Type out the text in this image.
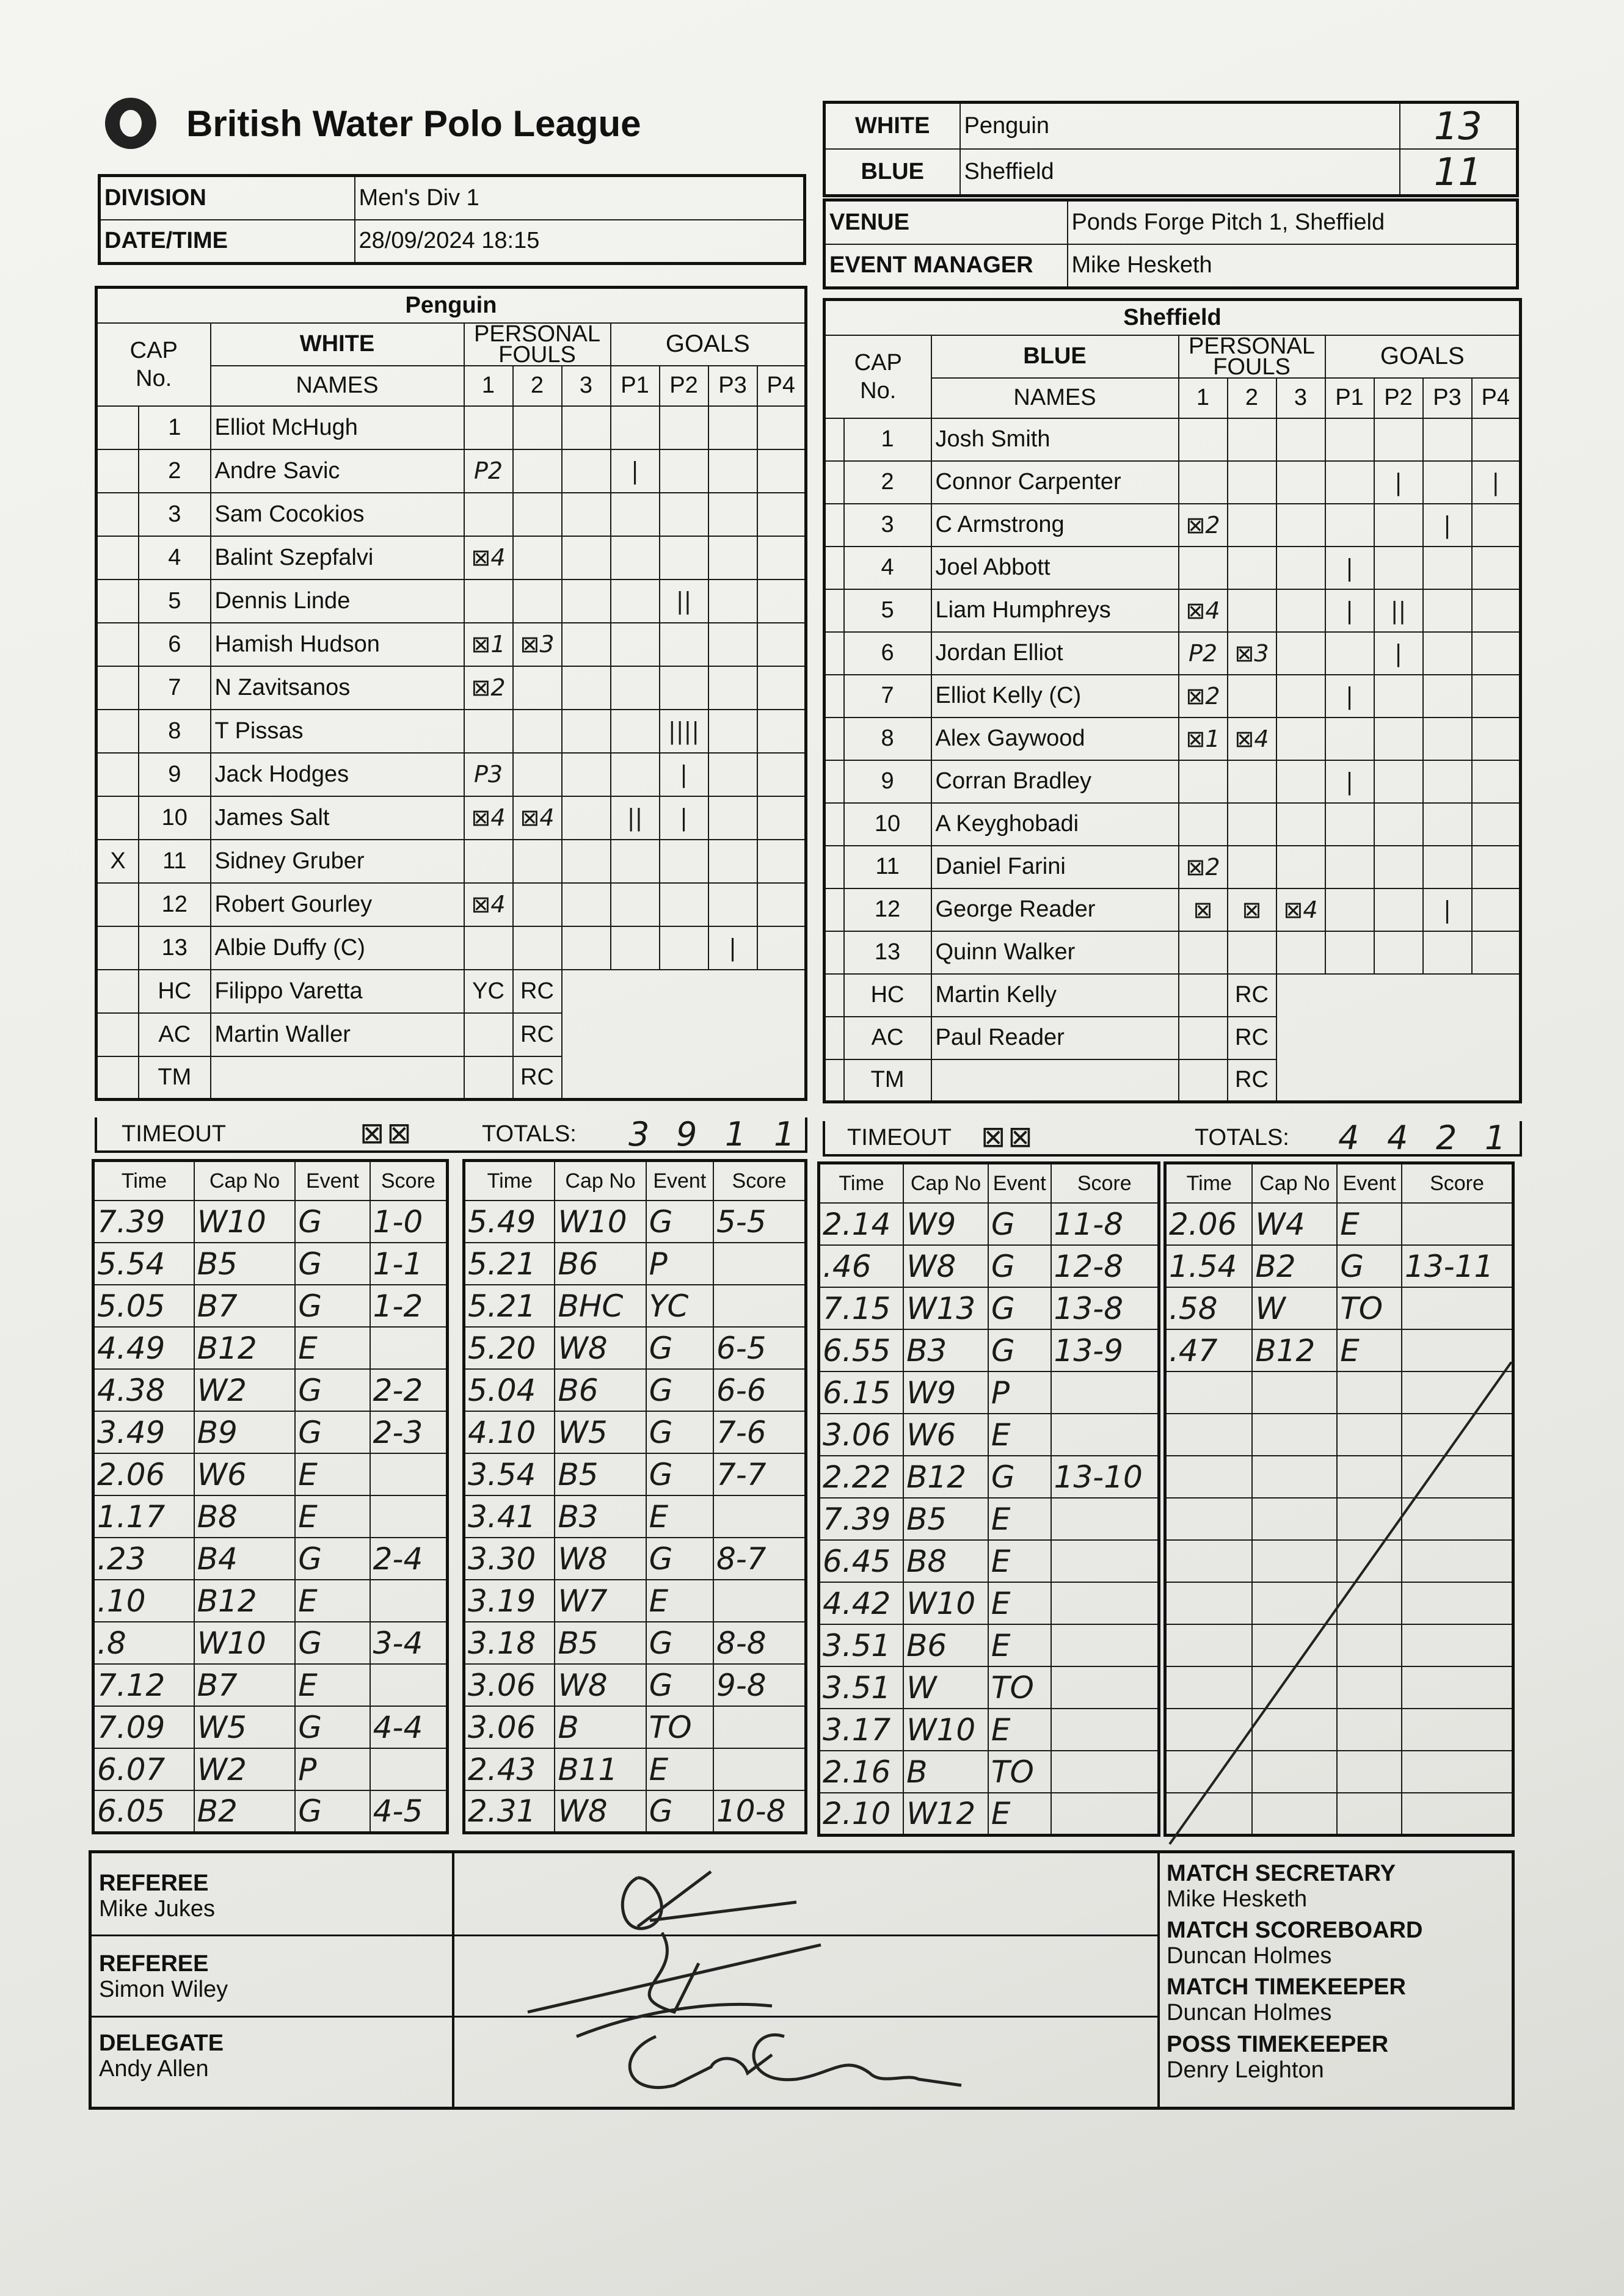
British Water Polo League	WHITE	Penguin	13
BLUE	Sheffield	11
DIVISION	Men's Div 1
DATE/TIME	28/09/2024 18:15
VENUE	Ponds Forge Pitch 1, Sheffield
EVENT MANAGER	Mike Hesketh
Penguin									
CAP
No.		WHITE	PERSONAL
FOULS			GOALS			
		NAMES	1	2	3	P1	P2	P3	P4
	1	Elliot McHugh							
	2	Andre Savic	P2			|			
	3	Sam Cocokios							
	4	Balint Szepfalvi	⊠4						
	5	Dennis Linde					||		
	6	Hamish Hudson	⊠1	⊠3					
	7	N Zavitsanos	⊠2						
	8	T Pissas					||||		
	9	Jack Hodges	P3				|		
	10	James Salt	⊠4	⊠4		||	|		
X	11	Sidney Gruber							
	12	Robert Gourley	⊠4						
	13	Albie Duffy (C)						|	
	HC	Filippo Varetta	YC	RC					
	AC	Martin Waller		RC					
	TM			RC					
Sheffield									
CAP
No.		BLUE	PERSONAL
FOULS			GOALS			
		NAMES	1	2	3	P1	P2	P3	P4
	1	Josh Smith							
	2	Connor Carpenter					|		|
	3	C Armstrong	⊠2					|	
	4	Joel Abbott				|			
	5	Liam Humphreys	⊠4			|	||		
	6	Jordan Elliot	P2	⊠3			|		
	7	Elliot Kelly (C)	⊠2			|			
	8	Alex Gaywood	⊠1	⊠4					
	9	Corran Bradley				|			
	10	A Keyghobadi							
	11	Daniel Farini	⊠2						
	12	George Reader	⊠	⊠	⊠4			|	
	13	Quinn Walker							
	HC	Martin Kelly		RC					
	AC	Paul Reader		RC					
	TM			RC					
TIMEOUT	⊠⊠	TOTALS: 3 9 1 1 TIMEOUT ⊠⊠	TOTALS: 4 4 2 1
Time	Cap No	Event	Score
7.39	W10	G	1-0
5.54	B5	G	1-1
5.05	B7	G	1-2
4.49	B12	E	
4.38	W2	G	2-2
3.49	B9	G	2-3
2.06	W6	E	
1.17	B8	E	
.23	B4	G	2-4
.10	B12	E	
.8	W10	G	3-4
7.12	B7	E	
7.09	W5	G	4-4
6.07	W2	P	
6.05	B2	G	4-5
Time	Cap No	Event	Score
5.49	W10	G	5-5
5.21	B6	P	
5.21	BHC	YC	
5.20	W8	G	6-5
5.04	B6	G	6-6
4.10	W5	G	7-6
3.54	B5	G	7-7
3.41	B3	E	
3.30	W8	G	8-7
3.19	W7	E	
3.18	B5	G	8-8
3.06	W8	G	9-8
3.06	B	TO	
2.43	B11	E	
2.31	W8	G	10-8
Time	Cap No	Event	Score
2.14	W9	G	11-8
.46	W8	G	12-8
7.15	W13	G	13-8
6.55	B3	G	13-9
6.15	W9	P	
3.06	W6	E	
2.22	B12	G	13-10
7.39	B5	E	
6.45	B8	E	
4.42	W10	E	
3.51	B6	E	
3.51	W	TO	
3.17	W10	E	
2.16	B	TO	
2.10	W12	E	
Time	Cap No	Event	Score
2.06	W4	E	
1.54	B2	G	13-11
.58	W	TO	
.47	B12	E	

REFEREE
Mike Jukes
REFEREE
Simon Wiley
DELEGATE
Andy Allen
MATCH SECRETARY
Mike Hesketh
MATCH SCOREBOARD
Duncan Holmes
MATCH TIMEKEEPER
Duncan Holmes
POSS TIMEKEEPER
Denry Leighton
